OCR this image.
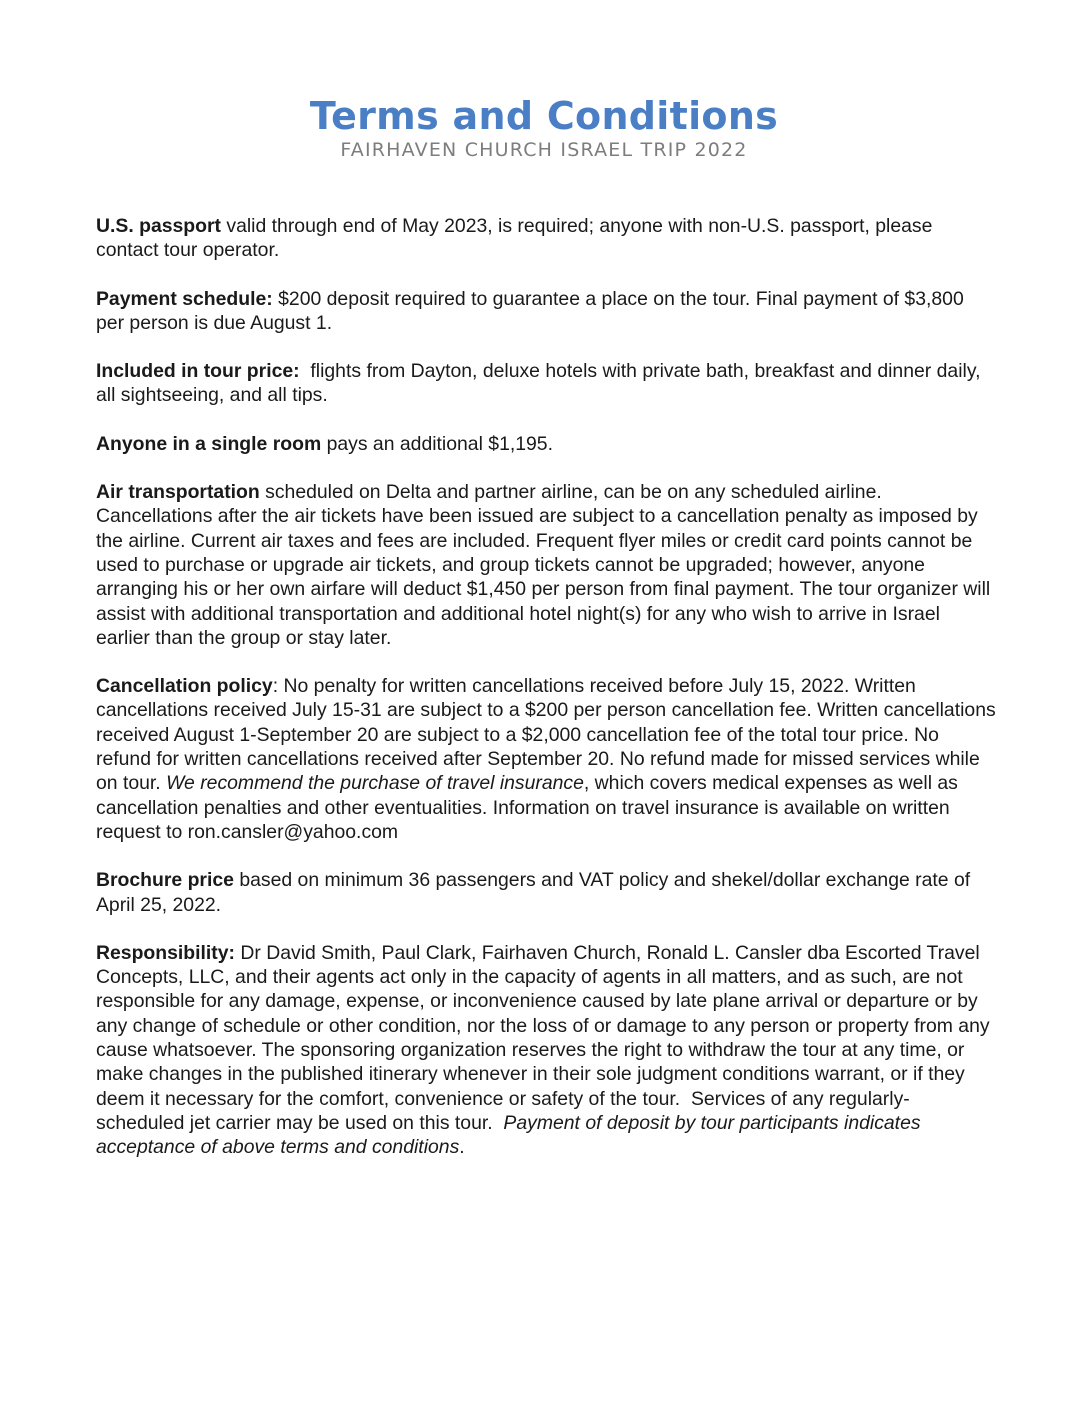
Terms and Conditions
FAIRHAVEN CHURCH ISRAEL TRIP 2022

U.S. passport valid through end of May 2023, is required; anyone with non-U.S. passport, please contact tour operator.

Payment schedule: $200 deposit required to guarantee a place on the tour. Final payment of $3,800 per person is due August 1.

Included in tour price:  flights from Dayton, deluxe hotels with private bath, breakfast and dinner daily, all sightseeing, and all tips.

Anyone in a single room pays an additional $1,195.

Air transportation scheduled on Delta and partner airline, can be on any scheduled airline. Cancellations after the air tickets have been issued are subject to a cancellation penalty as imposed by the airline. Current air taxes and fees are included. Frequent flyer miles or credit card points cannot be used to purchase or upgrade air tickets, and group tickets cannot be upgraded; however, anyone arranging his or her own airfare will deduct $1,450 per person from final payment. The tour organizer will assist with additional transportation and additional hotel night(s) for any who wish to arrive in Israel earlier than the group or stay later.

Cancellation policy: No penalty for written cancellations received before July 15, 2022. Written cancellations received July 15-31 are subject to a $200 per person cancellation fee. Written cancellations received August 1-September 20 are subject to a $2,000 cancellation fee of the total tour price. No refund for written cancellations received after September 20. No refund made for missed services while on tour. We recommend the purchase of travel insurance, which covers medical expenses as well as cancellation penalties and other eventualities. Information on travel insurance is available on written request to ron.cansler@yahoo.com

Brochure price based on minimum 36 passengers and VAT policy and shekel/dollar exchange rate of April 25, 2022.

Responsibility: Dr David Smith, Paul Clark, Fairhaven Church, Ronald L. Cansler dba Escorted Travel Concepts, LLC, and their agents act only in the capacity of agents in all matters, and as such, are not responsible for any damage, expense, or inconvenience caused by late plane arrival or departure or by any change of schedule or other condition, nor the loss of or damage to any person or property from any cause whatsoever. The sponsoring organization reserves the right to withdraw the tour at any time, or make changes in the published itinerary whenever in their sole judgment conditions warrant, or if they deem it necessary for the comfort, convenience or safety of the tour.  Services of any regularly-scheduled jet carrier may be used on this tour.  Payment of deposit by tour participants indicates acceptance of above terms and conditions.
